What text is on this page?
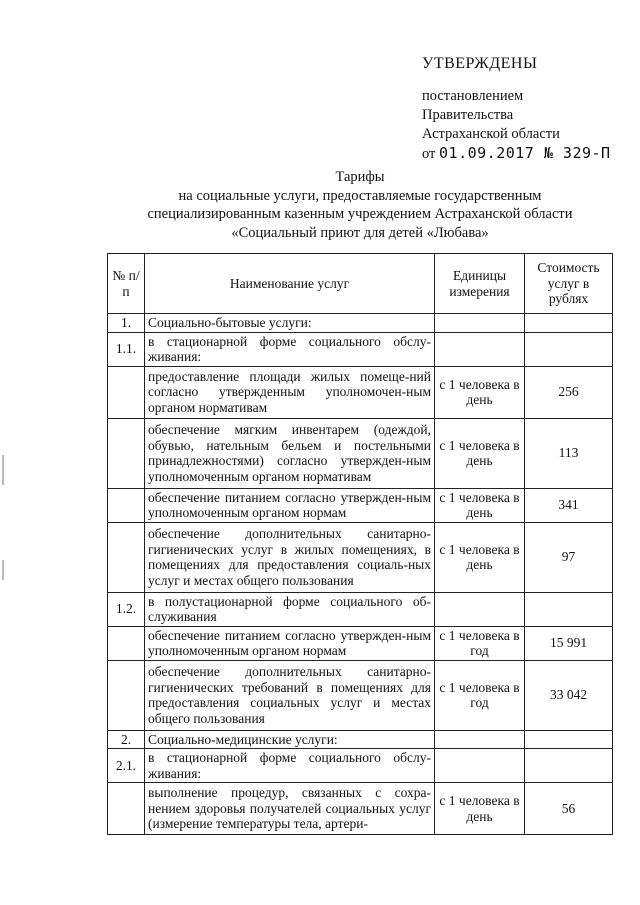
УТВЕРЖДЕНЫ
постановлением
Правительства
Астраханской области
от 01.09.2017 № 329-П
Тарифы
на социальные услуги, предоставляемые государственным
специализированным казенным учреждением Астраханской области
«Социальный приют для детей «Любава»
№ п/п	Наименование услуг	Единицы измерения	Стоимость услуг в рублях
1.	Социально-бытовые услуги:		
1.1.	в стационарной форме социального обслу-живания:		
	предоставление площади жилых помеще-ний согласно утвержденным уполномочен-ным органом нормативам	с 1 человека в день	256
	обеспечение мягким инвентарем (одеждой, обувью, нательным бельем и постельными принадлежностями) согласно утвержден-ным уполномоченным органом нормативам	с 1 человека в день	113
	обеспечение питанием согласно утвержден-ным уполномоченным органом нормам	с 1 человека в день	341
	обеспечение дополнительных санитарно-гигиенических услуг в жилых помещениях, в помещениях для предоставления социаль-ных услуг и местах общего пользования	с 1 человека в день	97
1.2.	в полустационарной форме социального об-служивания		
	обеспечение питанием согласно утвержден-ным уполномоченным органом нормам	с 1 человека в год	15 991
	обеспечение дополнительных санитарно-гигиенических требований в помещениях для предоставления социальных услуг и местах общего пользования	с 1 человека в год	33 042
2.	Социально-медицинские услуги:		
2.1.	в стационарной форме социального обслу-живания:		
	выполнение процедур, связанных с сохра-нением здоровья получателей социальных услуг (измерение температуры тела, артери-	с 1 человека в день	56
